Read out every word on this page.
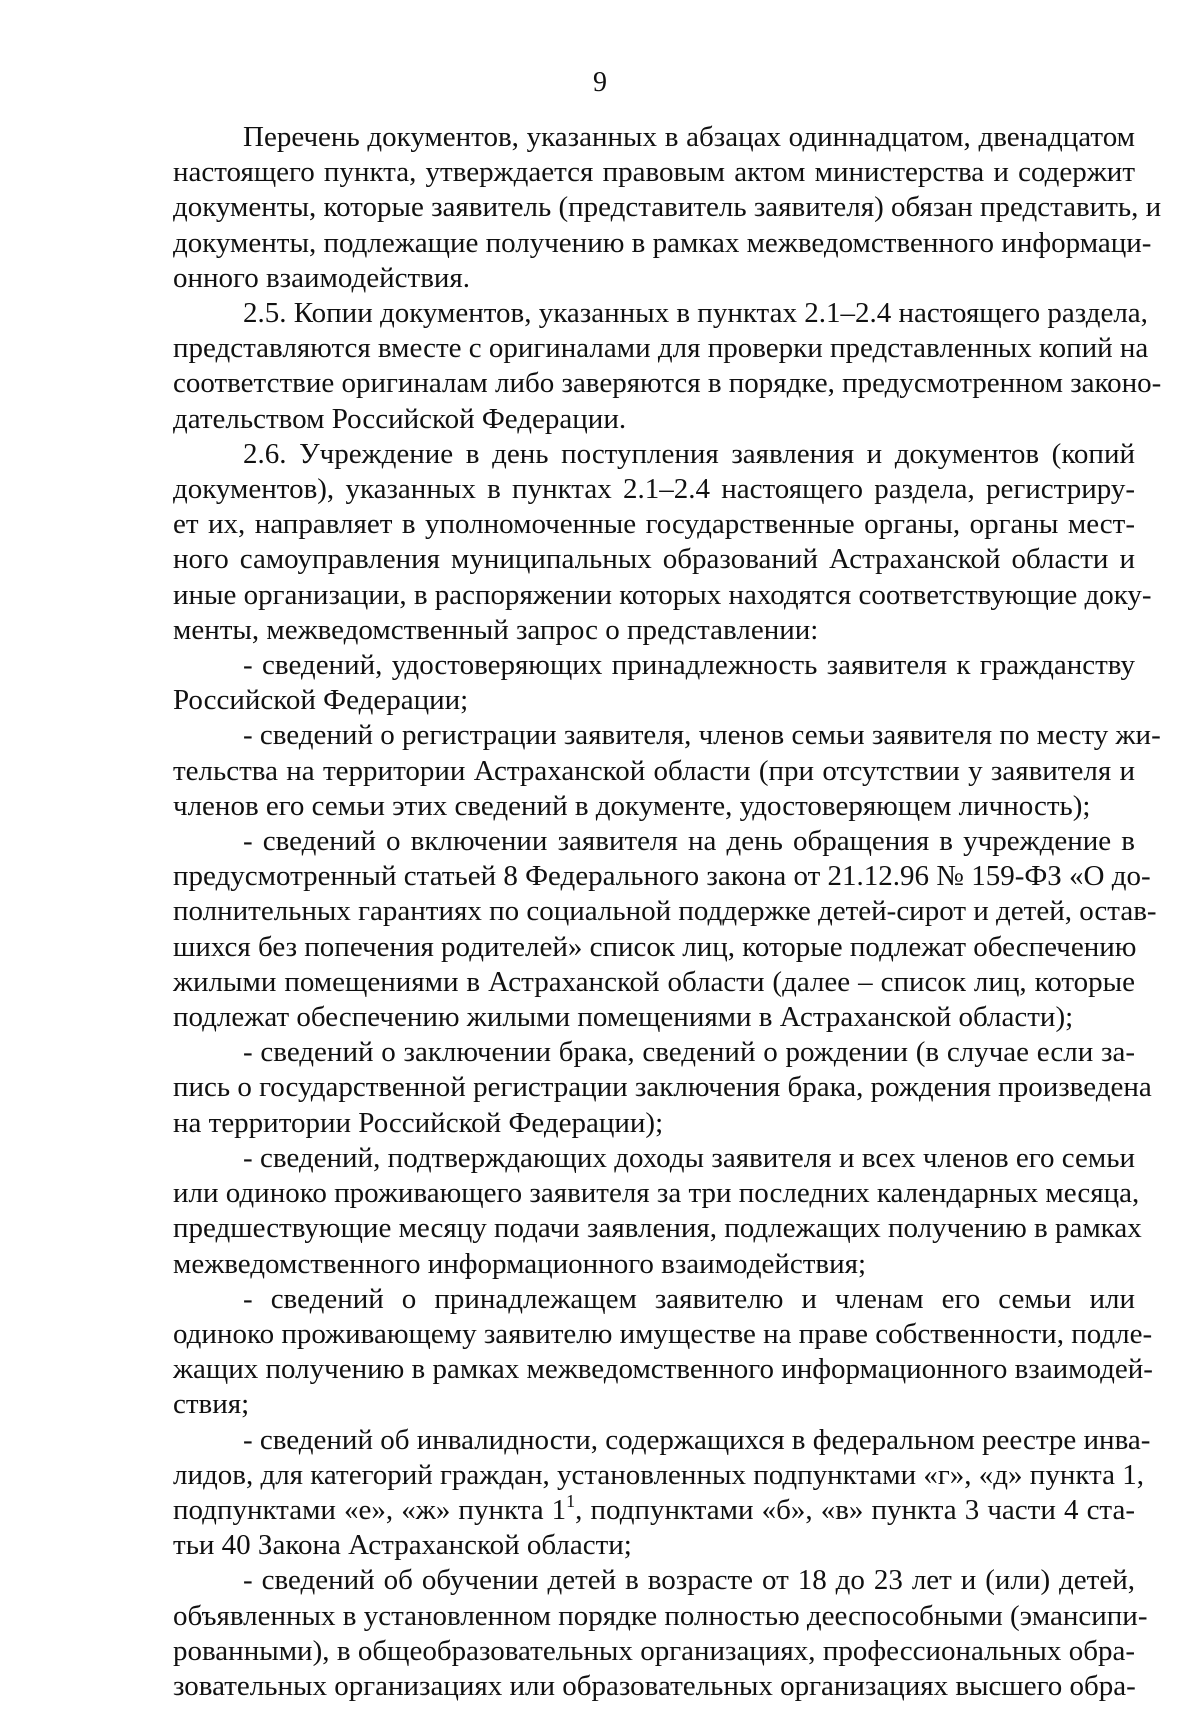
9

Перечень документов, указанных в абзацах одиннадцатом, двенадцатом
настоящего пункта, утверждается правовым актом министерства и содержит
документы, которые заявитель (представитель заявителя) обязан представить, и
документы, подлежащие получению в рамках межведомственного информаци-
онного взаимодействия.

2.5. Копии документов, указанных в пунктах 2.1–2.4 настоящего раздела,
представляются вместе с оригиналами для проверки представленных копий на
соответствие оригиналам либо заверяются в порядке, предусмотренном законо-
дательством Российской Федерации.

2.6. Учреждение в день поступления заявления и документов (копий
документов), указанных в пунктах 2.1–2.4 настоящего раздела, регистриру-
ет их, направляет в уполномоченные государственные органы, органы мест-
ного самоуправления муниципальных образований Астраханской области и
иные организации, в распоряжении которых находятся соответствующие доку-
менты, межведомственный запрос о представлении:

- сведений, удостоверяющих принадлежность заявителя к гражданству
Российской Федерации;

- сведений о регистрации заявителя, членов семьи заявителя по месту жи-
тельства на территории Астраханской области (при отсутствии у заявителя и
членов его семьи этих сведений в документе, удостоверяющем личность);

- сведений о включении заявителя на день обращения в учреждение в
предусмотренный статьей 8 Федерального закона от 21.12.96 № 159-ФЗ «О до-
полнительных гарантиях по социальной поддержке детей-сирот и детей, остав-
шихся без попечения родителей» список лиц, которые подлежат обеспечению
жилыми помещениями в Астраханской области (далее – список лиц, которые
подлежат обеспечению жилыми помещениями в Астраханской области);

- сведений о заключении брака, сведений о рождении (в случае если за-
пись о государственной регистрации заключения брака, рождения произведена
на территории Российской Федерации);

- сведений, подтверждающих доходы заявителя и всех членов его семьи
или одиноко проживающего заявителя за три последних календарных месяца,
предшествующие месяцу подачи заявления, подлежащих получению в рамках
межведомственного информационного взаимодействия;

- сведений о принадлежащем заявителю и членам его семьи или
одиноко проживающему заявителю имуществе на праве собственности, подле-
жащих получению в рамках межведомственного информационного взаимодей-
ствия;

- сведений об инвалидности, содержащихся в федеральном реестре инва-
лидов, для категорий граждан, установленных подпунктами «г», «д» пункта 1,
подпунктами «е», «ж» пункта $1^1$, подпунктами «б», «в» пункта 3 части 4 ста-
тьи 40 Закона Астраханской области;

- сведений об обучении детей в возрасте от 18 до 23 лет и (или) детей,
объявленных в установленном порядке полностью дееспособными (эмансипи-
рованными), в общеобразовательных организациях, профессиональных обра-
зовательных организациях или образовательных организациях высшего обра-
